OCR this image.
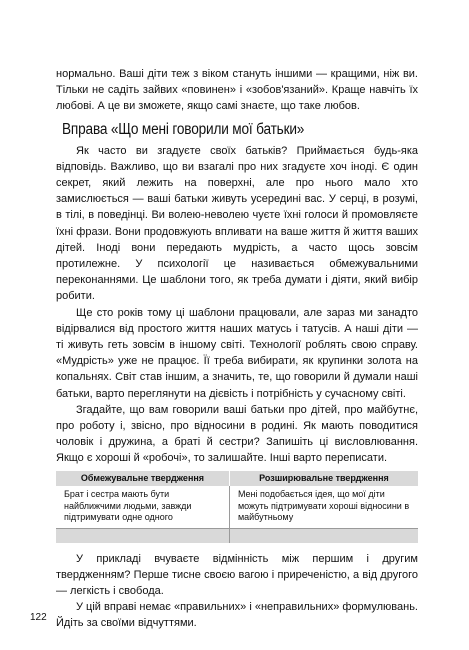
нормально. Ваші діти теж з віком стануть іншими — кращими, ніж ви. Тільки не садіть зайвих «повинен» і «зобов'язаний». Краще навчіть їх любові. А це ви зможете, якщо самі знаєте, що таке любов.

Вправа «Що мені говорили мої батьки»

Як часто ви згадуєте своїх батьків? Приймається будь-яка відповідь. Важливо, що ви взагалі про них згадуєте хоч іноді. Є один секрет, який лежить на поверхні, але про нього мало хто замислюється — ваші батьки живуть усередині вас. У серці, в розумі, в тілі, в поведінці. Ви волею-неволею чуєте їхні голоси й промовляєте їхні фрази. Вони продовжують впливати на ваше життя й життя ваших дітей. Іноді вони передають мудрість, а часто щось зовсім протилежне. У психології це називається обмежувальними переконаннями. Це шаблони того, як треба думати і діяти, який вибір робити.

Ще сто років тому ці шаблони працювали, але зараз ми занадто відірвалися від простого життя наших матусь і татусів. А наші діти — ті живуть геть зовсім в іншому світі. Технології роблять свою справу. «Мудрість» уже не працює. Її треба вибирати, як крупинки золота на копальнях. Світ став іншим, а значить, те, що говорили й думали наші батьки, варто переглянути на дієвість і потрібність у сучасному світі.

Згадайте, що вам говорили ваші батьки про дітей, про майбутнє, про роботу і, звісно, про відносини в родині. Як мають поводитися чоловік і дружина, а братi й сестри? Запишіть ці висловлювання. Якщо є хороші й «робочі», то залишайте. Інші варто переписати.

Обмежувальне твердження	Розширювальне твердження
Брат і сестра мають бути найближчими людьми, завжди підтримувати одне одного	Мені подобається ідея, що мої діти можуть підтримувати хороші відносини в майбутньому

У прикладі вчуваєте відмінність між першим і другим твердженням? Перше тисне своєю вагою і приреченістю, а від другого — легкість і свобода.

У цій вправі немає «правильних» і «неправильних» формулювань. Йдіть за своїми відчуттями.

122
